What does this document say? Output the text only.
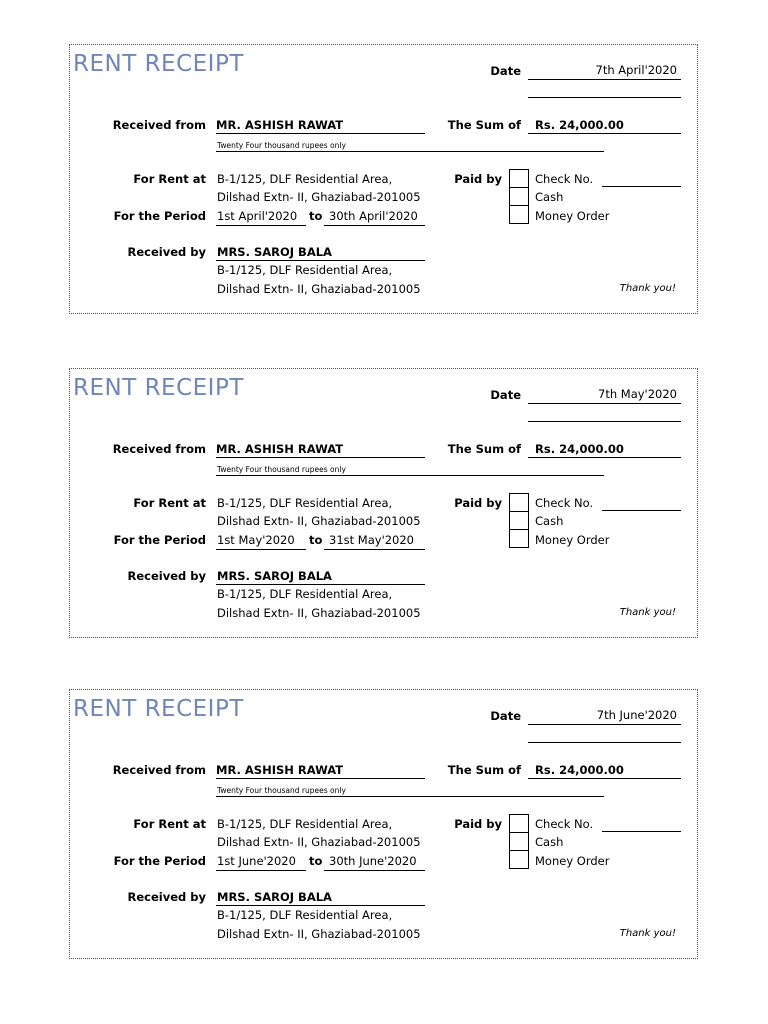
RENT RECEIPT	Date	7th April'2020
Received from MR. ASHISH RAWAT	The Sum of Rs. 24,000.00
Twenty Four thousand rupees only
For Rent at B-1/125, DLF Residential Area,
Dilshad Extn- II, Ghaziabad-201005
For the Period 1st April'2020 to 30th April'2020
Paid by	Check No.
Cash
Money Order
Received by MRS. SAROJ BALA
B-1/125, DLF Residential Area,
Dilshad Extn- II, Ghaziabad-201005	Thank you!
RENT RECEIPT	Date	7th May'2020
Received from MR. ASHISH RAWAT	The Sum of Rs. 24,000.00
Twenty Four thousand rupees only
For Rent at B-1/125, DLF Residential Area,
Dilshad Extn- II, Ghaziabad-201005
For the Period 1st May'2020 to 31st May'2020
Paid by	Check No.
Cash
Money Order
Received by MRS. SAROJ BALA
B-1/125, DLF Residential Area,
Dilshad Extn- II, Ghaziabad-201005	Thank you!
RENT RECEIPT	Date	7th June'2020
Received from MR. ASHISH RAWAT	The Sum of Rs. 24,000.00
Twenty Four thousand rupees only
For Rent at B-1/125, DLF Residential Area,
Dilshad Extn- II, Ghaziabad-201005
For the Period 1st June'2020 to 30th June'2020
Paid by	Check No.
Cash
Money Order
Received by MRS. SAROJ BALA
B-1/125, DLF Residential Area,
Dilshad Extn- II, Ghaziabad-201005	Thank you!
